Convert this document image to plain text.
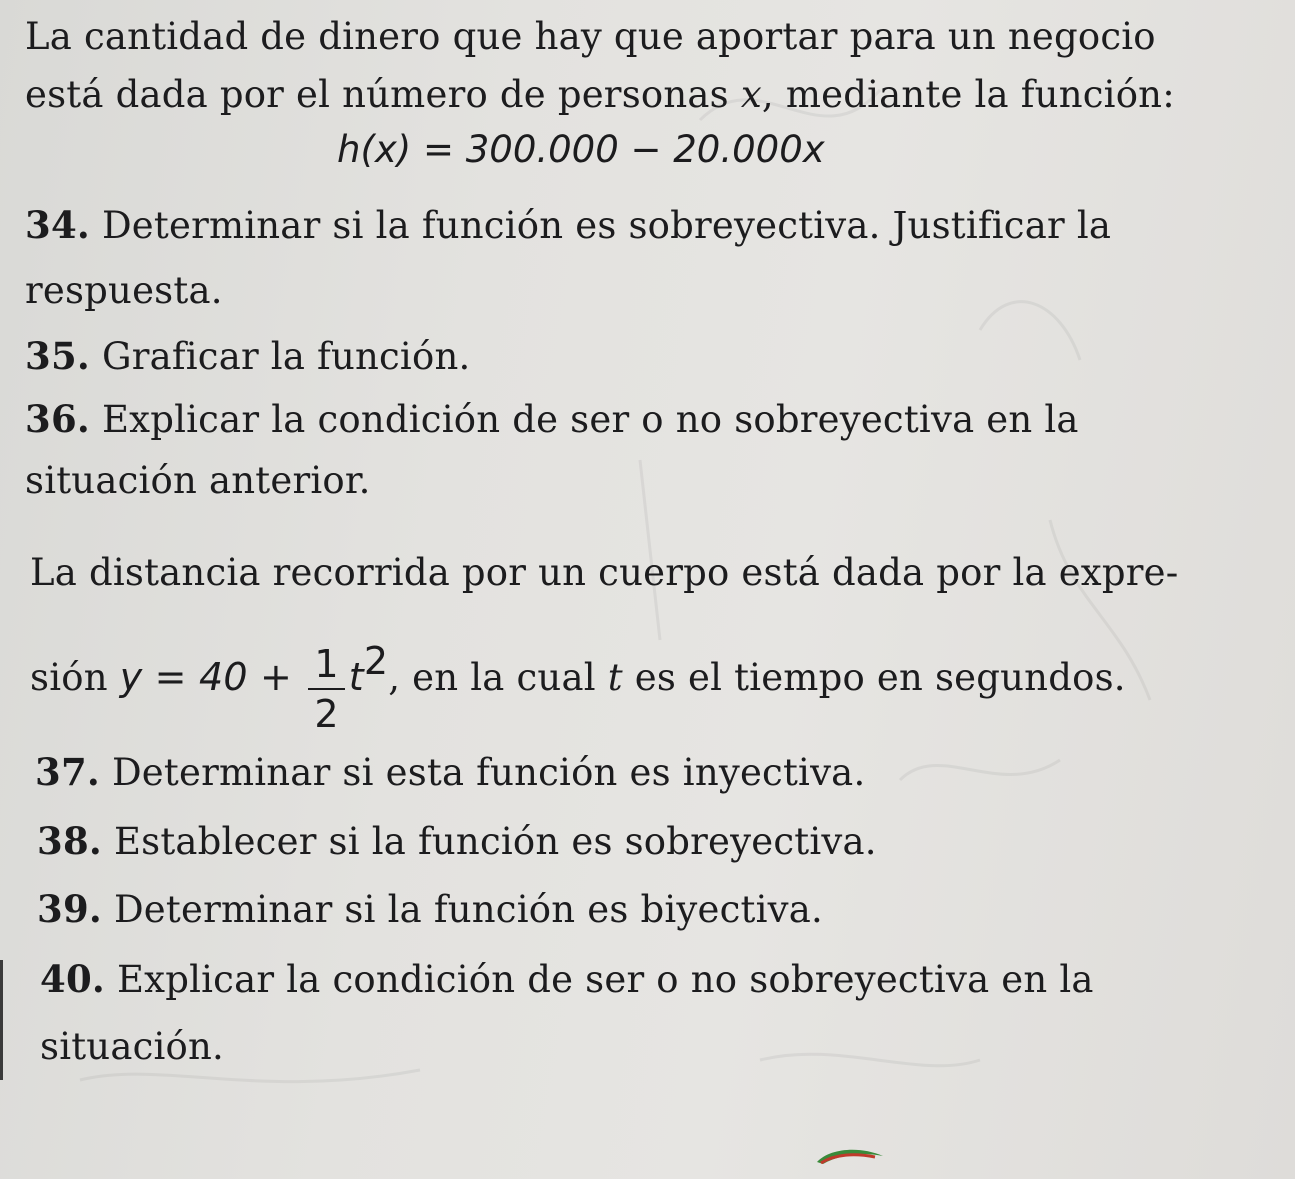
La cantidad de dinero que hay que aportar para un negocio

está dada por el número de personas x, mediante la función:

h(x) = 300.000 − 20.000x

34. Determinar si la función es sobreyectiva. Justificar la

respuesta.

35. Graficar la función.

36. Explicar la condición de ser o no sobreyectiva en la

situación anterior.

La distancia recorrida por un cuerpo está dada por la expre-

sión $y = 40 + \frac{1}{2} t^2$, en la cual t es el tiempo en segundos.

37. Determinar si esta función es inyectiva.

38. Establecer si la función es sobreyectiva.

39. Determinar si la función es biyectiva.

40. Explicar la condición de ser o no sobreyectiva en la

situación.
